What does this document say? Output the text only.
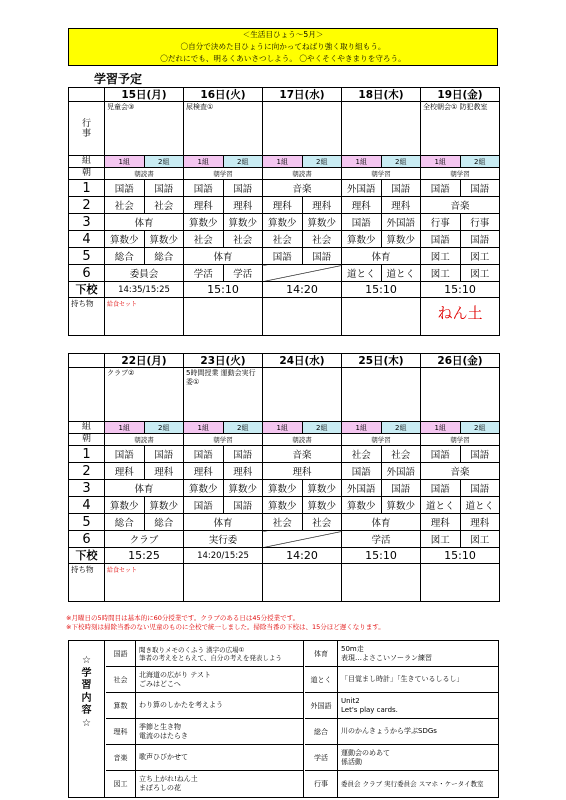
＜生活目ひょう～5月＞
〇自分で決めた目ひょうに向かってねばり強く取り組もう。
〇だれにでも、明るくあいさつしよう。 〇やくそくやきまりを守ろう。
学習予定
	15日(月)		16日(火)		17日(水)		18日(木)		19日(金)	
行事	児童会③		尿検査①						全校朝会① 防犯教室	
組	1組	2組	1組	2組	1組	2組	1組	2組	1組	2組
朝	朝読書		朝学習		朝読書		朝学習		朝学習	
1	国語	国語	国語	国語	音楽		外国語	国語	国語	国語
2	社会	社会	理科	理科	理科	理科	理科	理科	音楽	
3	体育		算数少	算数少	算数少	算数少	国語	外国語	行事	行事
4	算数少	算数少	社会	社会	社会	社会	算数少	算数少	国語	国語
5	総合	総合	体育		国語	国語	体育		図工	図工
6	委員会		学活	学活			道とく	道とく	図工	図工
下校	14:35/15:25		15:10		14:20		15:10		15:10	
持ち物	給食セット								ねん土	
	22日(月)		23日(火)		24日(水)		25日(木)		26日(金)	
	クラブ②		5時間授業 運動会実行委①							
組	1組	2組	1組	2組	1組	2組	1組	2組	1組	2組
朝	朝読書		朝学習		朝読書		朝学習		朝学習	
1	国語	国語	国語	国語	音楽		社会	社会	国語	国語
2	理科	理科	理科	理科	理科		国語	外国語	音楽	
3	体育		算数少	算数少	算数少	算数少	外国語	国語	国語	国語
4	算数少	算数少	国語	国語	算数少	算数少	算数少	算数少	道とく	道とく
5	総合	総合	体育		社会	社会	体育		理科	理科
6	クラブ		実行委				学活		図工	図工
下校	15:25		14:20/15:25		14:20		15:10		15:10	
持ち物	給食セット									
※月曜日の5時間目は基本的に60分授業です。クラブのある日は45分授業です。
※下校時刻は掃除当番のない児童のものに全校で統一しました。掃除当番の下校は、15分ほど遅くなります。
☆
学
習
内
容
☆
国語	聞き取りメモのくふう 漢字の広場①
筆者の考えをとらえて、自分の考えを発表しよう
社会
北海道の広がり テスト
ごみはどこへ
算数	わり算のしかたを考えよう
理科
季節と生き物
電流のはたらき
音楽	歌声ひびかせて
図工
立ち上がれ!ねん土
まぼろしの花
体育
50m走
表現…よさこいソーラン練習
道とく	「目覚まし時計」「生きているしるし」
外国語
Unit2
Let's play cards.
総合	川のかんきょうから学ぶSDGs
学活
運動会のめあて
係活動
行事	委員会 クラブ 実行委員会 スマホ・ケータイ教室
